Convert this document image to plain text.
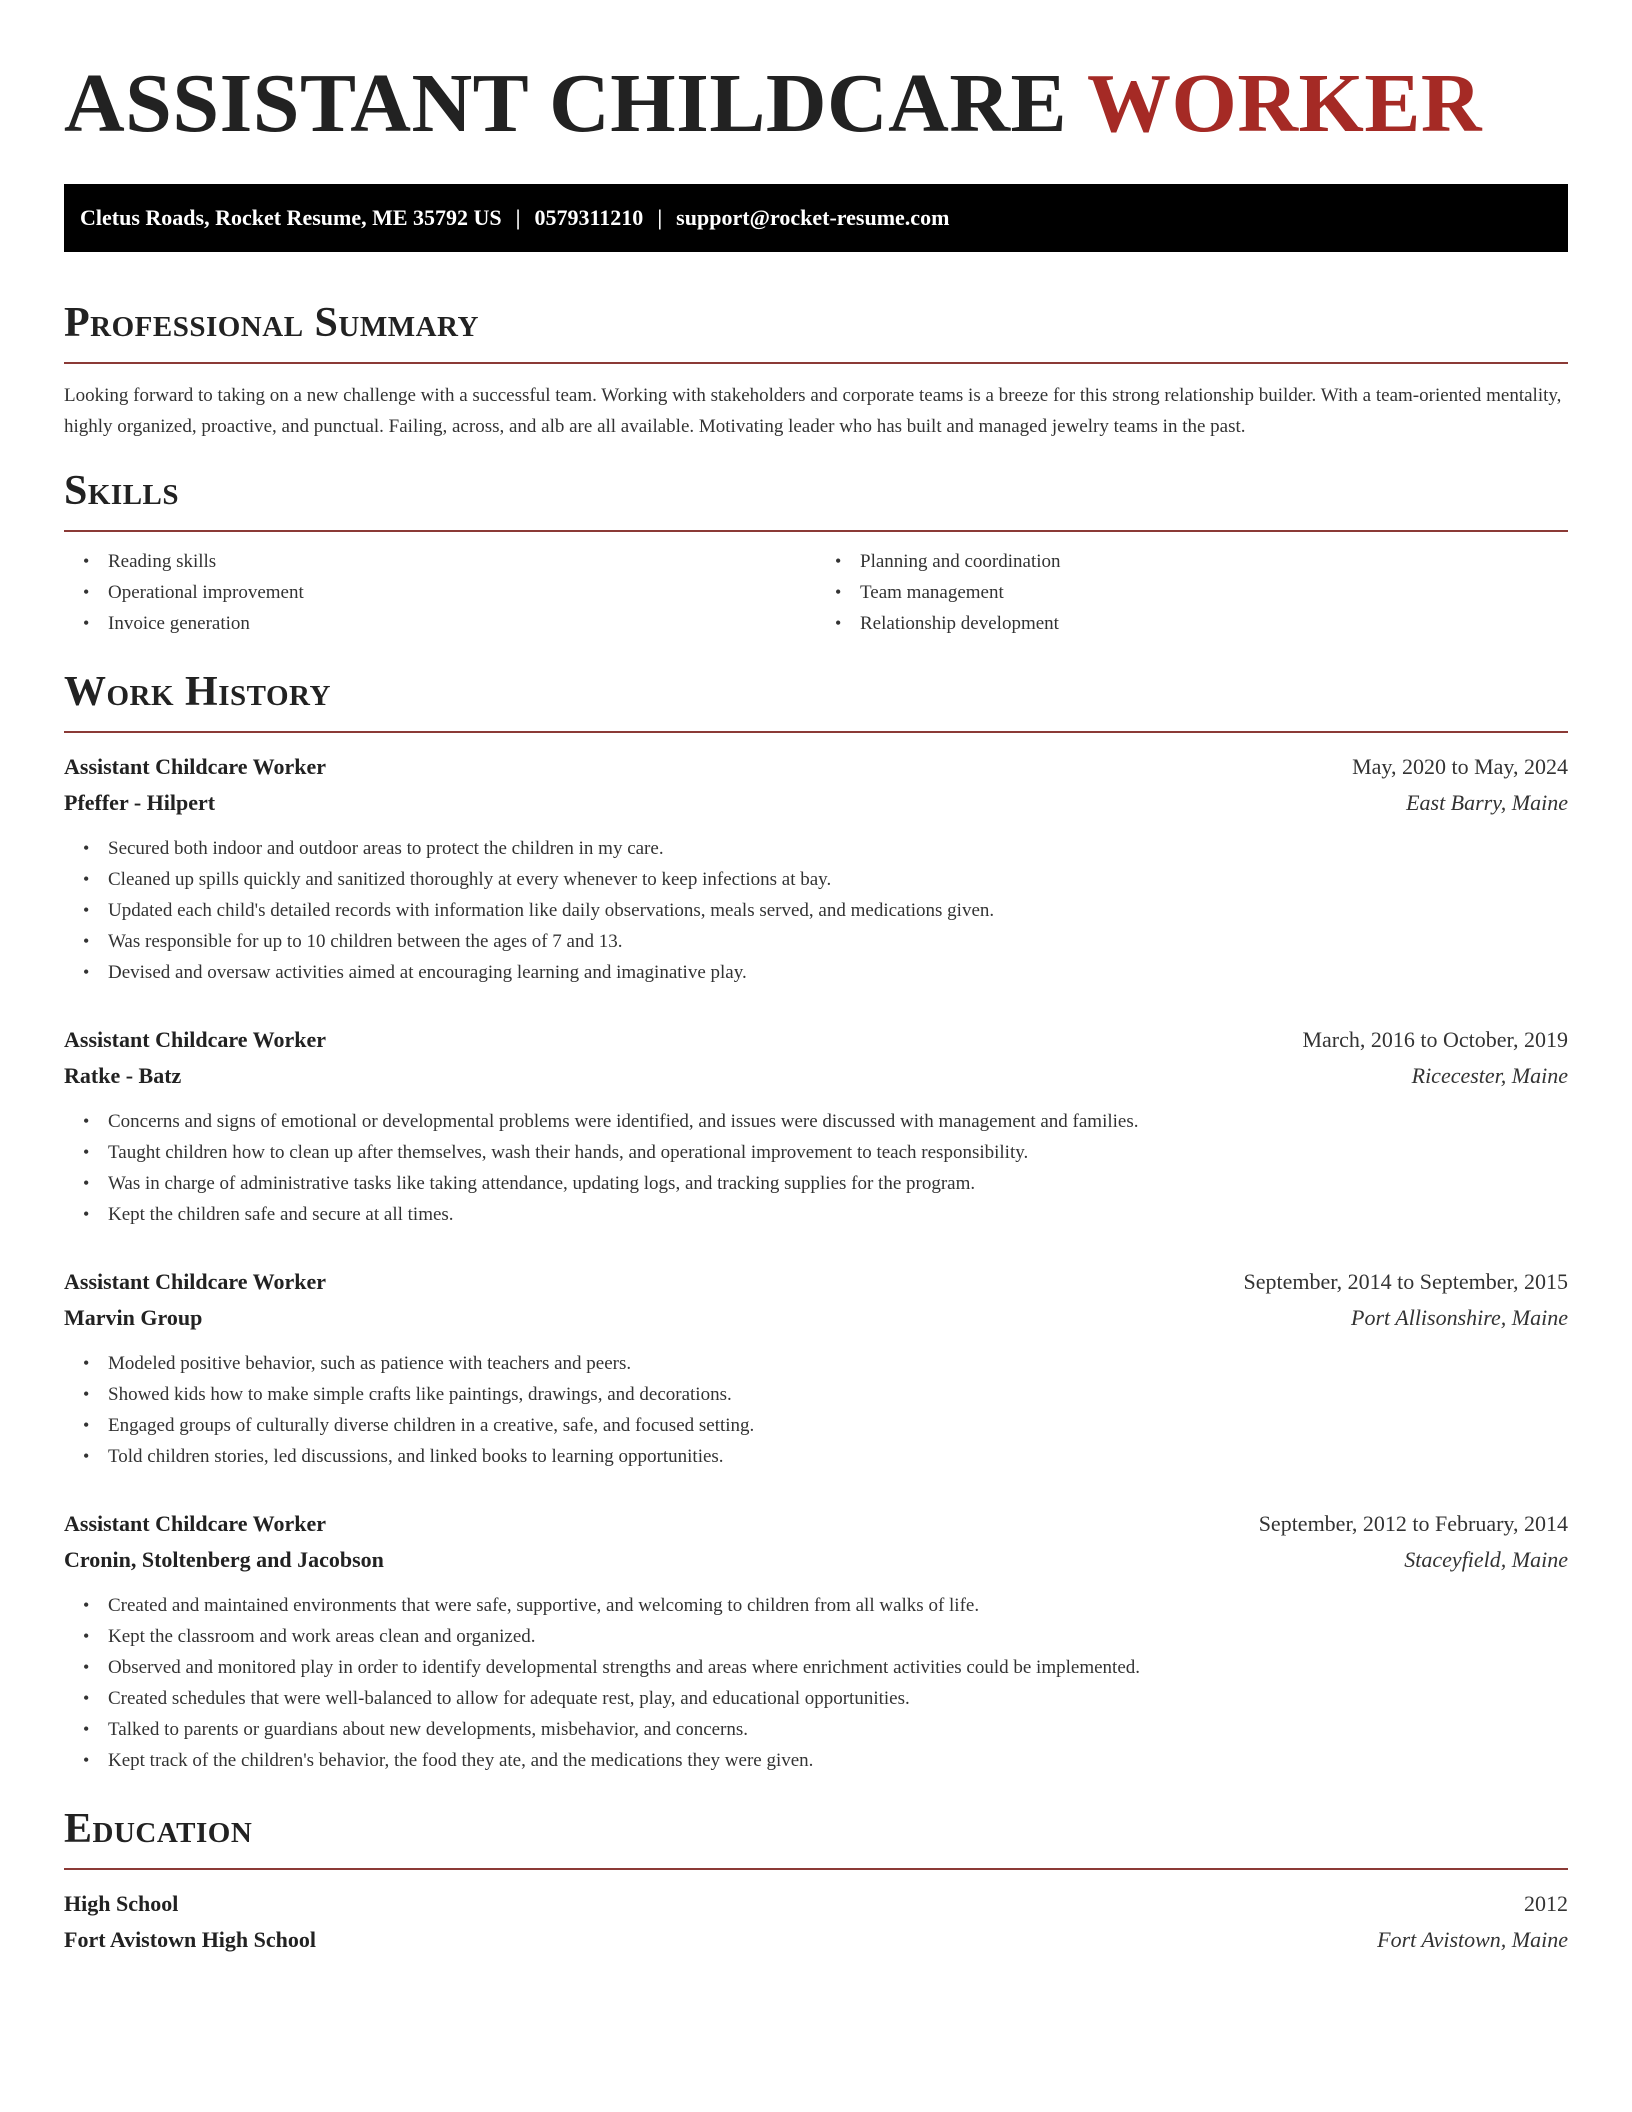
ASSISTANT CHILDCARE WORKER
Cletus Roads, Rocket Resume, ME 35792 US | 0579311210 | support@rocket-resume.com
Professional Summary

Looking forward to taking on a new challenge with a successful team. Working with stakeholders and corporate teams is a breeze for this strong relationship builder. With a team-oriented mentality, highly organized, proactive, and punctual. Failing, across, and alb are all available. Motivating leader who has built and managed jewelry teams in the past.

Skills
• Reading skills
• Operational improvement
• Invoice generation
• Planning and coordination
• Team management
• Relationship development
Work History
Assistant Childcare Worker	May, 2020 to May, 2024
Pfeffer - Hilpert	East Barry, Maine
• Secured both indoor and outdoor areas to protect the children in my care.
• Cleaned up spills quickly and sanitized thoroughly at every whenever to keep infections at bay.
• Updated each child's detailed records with information like daily observations, meals served, and medications given.
• Was responsible for up to 10 children between the ages of 7 and 13.
• Devised and oversaw activities aimed at encouraging learning and imaginative play.
Assistant Childcare Worker	March, 2016 to October, 2019
Ratke - Batz	Ricecester, Maine
• Concerns and signs of emotional or developmental problems were identified, and issues were discussed with management and families.
• Taught children how to clean up after themselves, wash their hands, and operational improvement to teach responsibility.
• Was in charge of administrative tasks like taking attendance, updating logs, and tracking supplies for the program.
• Kept the children safe and secure at all times.
Assistant Childcare Worker	September, 2014 to September, 2015
Marvin Group	Port Allisonshire, Maine
• Modeled positive behavior, such as patience with teachers and peers.
• Showed kids how to make simple crafts like paintings, drawings, and decorations.
• Engaged groups of culturally diverse children in a creative, safe, and focused setting.
• Told children stories, led discussions, and linked books to learning opportunities.
Assistant Childcare Worker	September, 2012 to February, 2014
Cronin, Stoltenberg and Jacobson	Staceyfield, Maine
• Created and maintained environments that were safe, supportive, and welcoming to children from all walks of life.
• Kept the classroom and work areas clean and organized.
• Observed and monitored play in order to identify developmental strengths and areas where enrichment activities could be implemented.
• Created schedules that were well-balanced to allow for adequate rest, play, and educational opportunities.
• Talked to parents or guardians about new developments, misbehavior, and concerns.
• Kept track of the children's behavior, the food they ate, and the medications they were given.
Education
High School	2012
Fort Avistown High School	Fort Avistown, Maine
